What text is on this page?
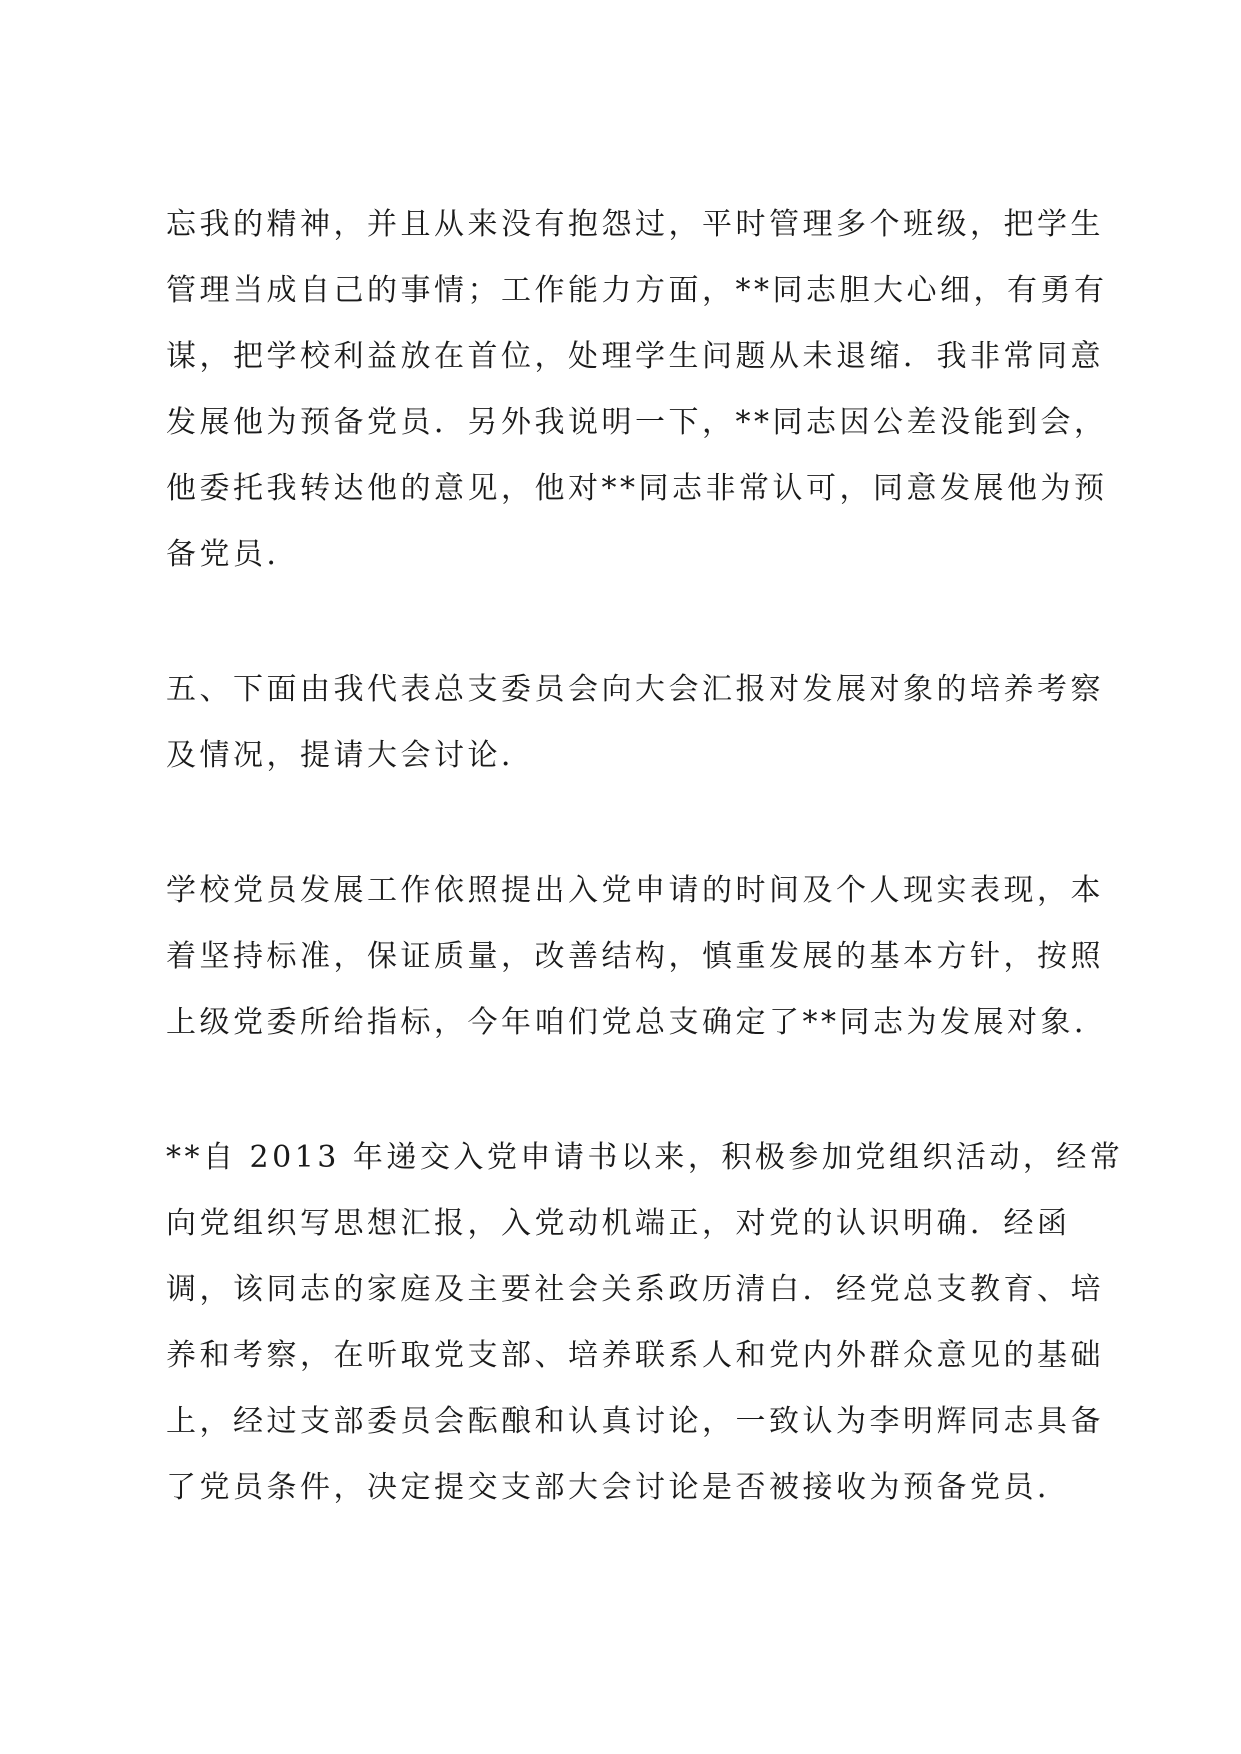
忘我的精神，并且从来没有抱怨过，平时管理多个班级，把学生
管理当成自己的事情；工作能力方面，**同志胆大心细，有勇有
谋，把学校利益放在首位，处理学生问题从未退缩．我非常同意
发展他为预备党员．另外我说明一下，**同志因公差没能到会，
他委托我转达他的意见，他对**同志非常认可，同意发展他为预
备党员．
五、下面由我代表总支委员会向大会汇报对发展对象的培养考察
及情况，提请大会讨论．
学校党员发展工作依照提出入党申请的时间及个人现实表现，本
着坚持标准，保证质量，改善结构，慎重发展的基本方针，按照
上级党委所给指标，今年咱们党总支确定了**同志为发展对象．
**自 2013 年递交入党申请书以来，积极参加党组织活动，经常
向党组织写思想汇报，入党动机端正，对党的认识明确．经函
调，该同志的家庭及主要社会关系政历清白．经党总支教育、培
养和考察，在听取党支部、培养联系人和党内外群众意见的基础
上，经过支部委员会酝酿和认真讨论，一致认为李明辉同志具备
了党员条件，决定提交支部大会讨论是否被接收为预备党员．
